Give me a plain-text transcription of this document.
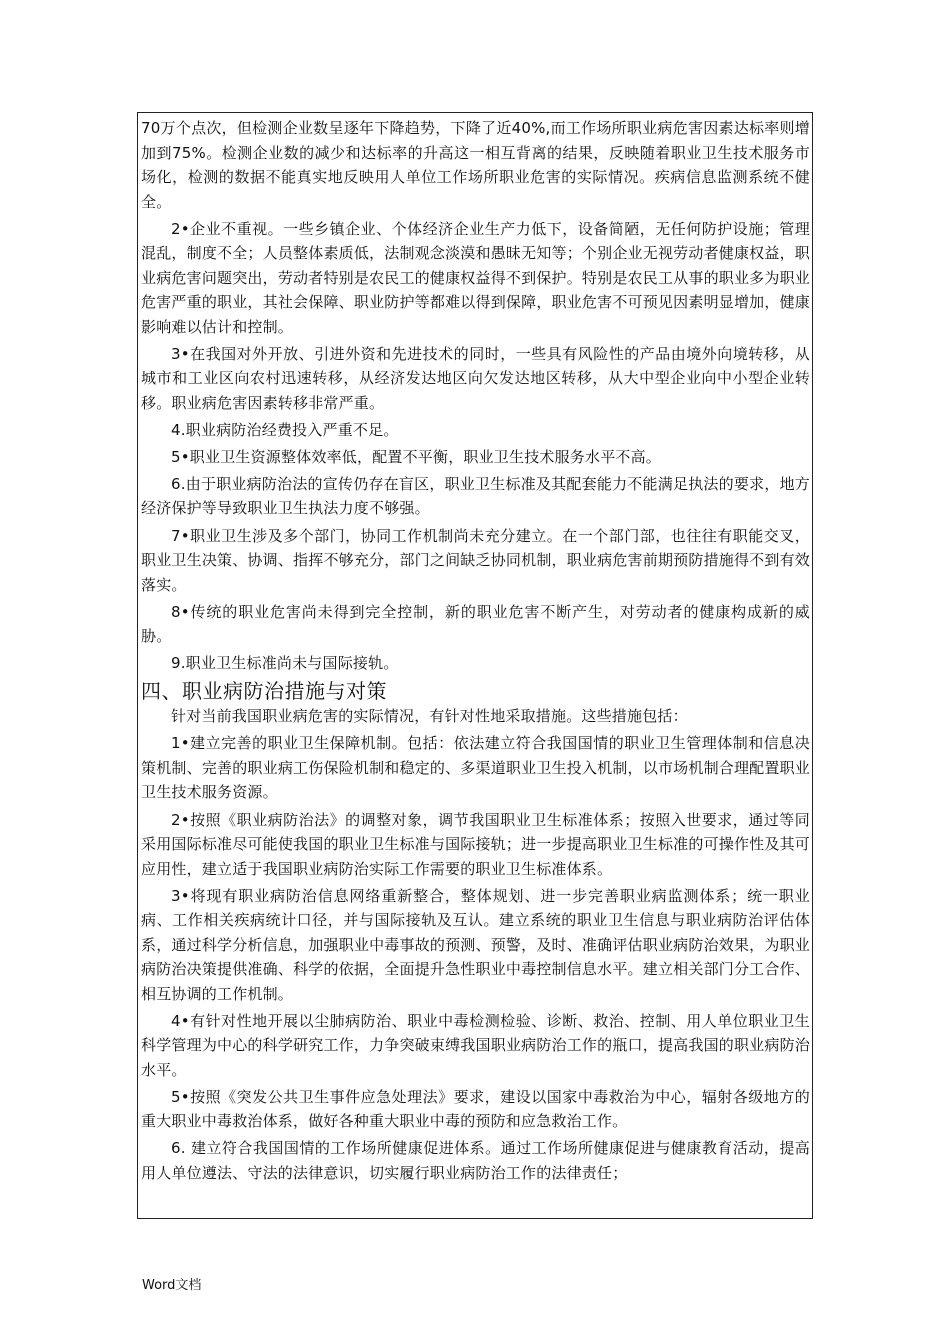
70万个点次，但检测企业数呈逐年下降趋势，下降了近40%,而工作场所职业病危害因素达标率则增加到75%。检测企业数的减少和达标率的升高这一相互背离的结果，反映随着职业卫生技术服务市场化，检测的数据不能真实地反映用人单位工作场所职业危害的实际情况。疾病信息监测系统不健全。

2•企业不重视。一些乡镇企业、个体经济企业生产力低下，设备简陋，无任何防护设施；管理混乱，制度不全；人员整体素质低，法制观念淡漠和愚昧无知等；个别企业无视劳动者健康权益，职业病危害问题突出，劳动者特别是农民工的健康权益得不到保护。特别是农民工从事的职业多为职业危害严重的职业，其社会保障、职业防护等都难以得到保障，职业危害不可预见因素明显增加，健康影响难以估计和控制。

3•在我国对外开放、引进外资和先进技术的同时，一些具有风险性的产品由境外向境转移，从城市和工业区向农村迅速转移，从经济发达地区向欠发达地区转移，从大中型企业向中小型企业转移。职业病危害因素转移非常严重。

4.职业病防治经费投入严重不足。

5•职业卫生资源整体效率低，配置不平衡，职业卫生技术服务水平不高。

6.由于职业病防治法的宣传仍存在盲区，职业卫生标准及其配套能力不能满足执法的要求，地方经济保护等导致职业卫生执法力度不够强。

7•职业卫生涉及多个部门，协同工作机制尚未充分建立。在一个部门部，也往往有职能交叉，职业卫生决策、协调、指挥不够充分，部门之间缺乏协同机制，职业病危害前期预防措施得不到有效落实。

8•传统的职业危害尚未得到完全控制，新的职业危害不断产生，对劳动者的健康构成新的威胁。

9.职业卫生标准尚未与国际接轨。

四、职业病防治措施与对策

针对当前我国职业病危害的实际情况，有针对性地采取措施。这些措施包括：

1•建立完善的职业卫生保障机制。包括：依法建立符合我国国情的职业卫生管理体制和信息决策机制、完善的职业病工伤保险机制和稳定的、多渠道职业卫生投入机制，以市场机制合理配置职业卫生技术服务资源。

2•按照《职业病防治法》的调整对象，调节我国职业卫生标准体系；按照入世要求，通过等同采用国际标准尽可能使我国的职业卫生标准与国际接轨；进一步提高职业卫生标准的可操作性及其可应用性，建立适于我国职业病防治实际工作需要的职业卫生标准体系。

3•将现有职业病防治信息网络重新整合，整体规划、进一步完善职业病监测体系；统一职业病、工作相关疾病统计口径，并与国际接轨及互认。建立系统的职业卫生信息与职业病防治评估体系，通过科学分析信息，加强职业中毒事故的预测、预警，及时、准确评估职业病防治效果，为职业病防治决策提供准确、科学的依据，全面提升急性职业中毒控制信息水平。建立相关部门分工合作、相互协调的工作机制。

4•有针对性地开展以尘肺病防治、职业中毒检测检验、诊断、救治、控制、用人单位职业卫生科学管理为中心的科学研究工作，力争突破束缚我国职业病防治工作的瓶口，提高我国的职业病防治水平。

5•按照《突发公共卫生事件应急处理法》要求，建设以国家中毒救治为中心，辐射各级地方的重大职业中毒救治体系，做好各种重大职业中毒的预防和应急救治工作。

6. 建立符合我国国情的工作场所健康促进体系。通过工作场所健康促进与健康教育活动，提高用人单位遵法、守法的法律意识，切实履行职业病防治工作的法律责任；

Word文档
